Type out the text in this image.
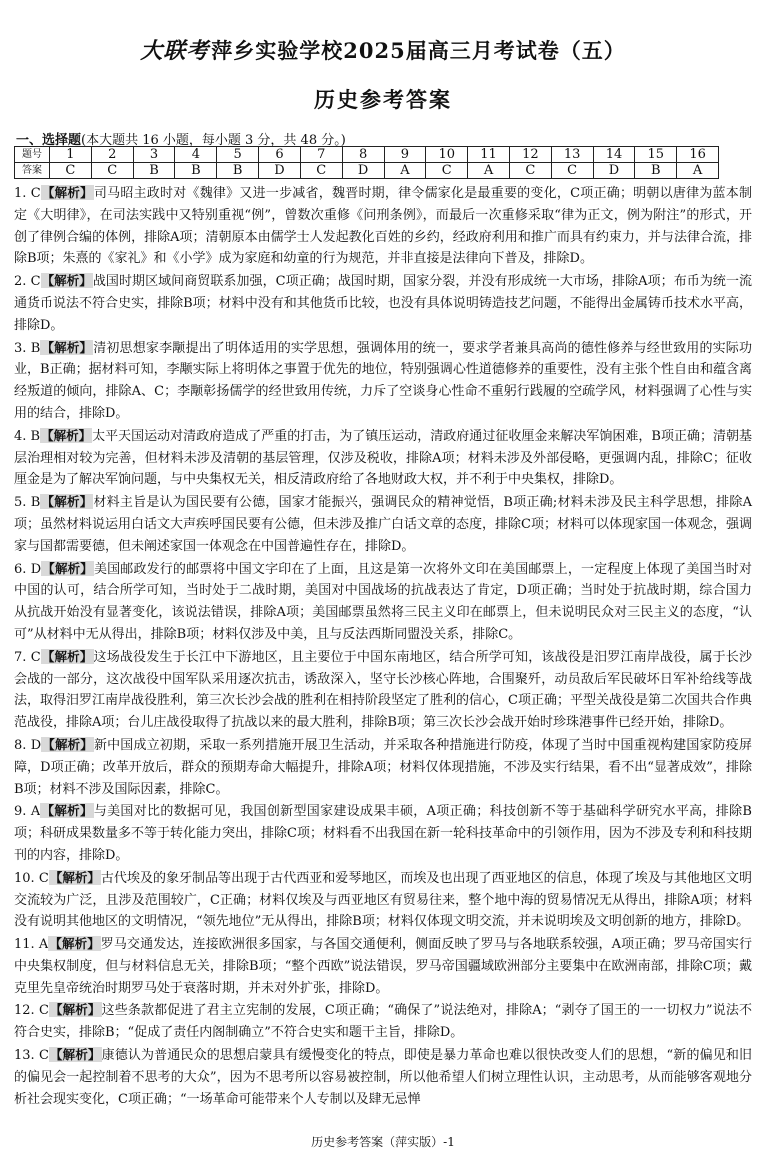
大联考萍乡实验学校2025届高三月考试卷（五）
历史参考答案
一、选择题(本大题共 16 小题，每小题 3 分，共 48 分。)
题号	1	2	3	4	5	6	7	8	9	10	11	12	13	14	15	16
答案	C	C	B	B	B	D	C	D	A	C	A	C	C	D	B	A

1. C【解析】司马昭主政时对《魏律》又进一步减省，魏晋时期，律令儒家化是最重要的变化，C项正确；明朝以唐律为蓝本制定《大明律》，在司法实践中又特别重视“例”，曾数次重修《问刑条例》，而最后一次重修采取“律为正文，例为附注”的形式，开创了律例合编的体例，排除A项；清朝原本由儒学士人发起教化百姓的乡约，经政府利用和推广而具有约束力，并与法律合流，排除B项；朱熹的《家礼》和《小学》成为家庭和幼童的行为规范，并非直接是法律向下普及，排除D。

2. C【解析】战国时期区域间商贸联系加强，C项正确；战国时期，国家分裂，并没有形成统一大市场，排除A项；布币为统一流通货币说法不符合史实，排除B项；材料中没有和其他货币比较，也没有具体说明铸造技艺问题，不能得出金属铸币技术水平高，排除D。

3. B【解析】清初思想家李颙提出了明体适用的实学思想，强调体用的统一，要求学者兼具高尚的德性修养与经世致用的实际功业，B正确；据材料可知，李颙实际上将明体之事置于优先的地位，特别强调心性道德修养的重要性，没有主张个性自由和蕴含离经叛道的倾向，排除A、C；李颙彰扬儒学的经世致用传统，力斥了空谈身心性命不重躬行践履的空疏学风，材料强调了心性与实用的结合，排除D。

4. B【解析】太平天国运动对清政府造成了严重的打击，为了镇压运动，清政府通过征收厘金来解决军饷困难，B项正确；清朝基层治理相对较为完善，但材料未涉及清朝的基层管理，仅涉及税收，排除A项；材料未涉及外部侵略，更强调内乱，排除C；征收厘金是为了解决军饷问题，与中央集权无关，相反清政府给了各地财政大权，并不利于中央集权，排除D。

5. B【解析】材料主旨是认为国民要有公德，国家才能振兴，强调民众的精神觉悟，B项正确;材料未涉及民主科学思想，排除A项；虽然材料说运用白话文大声疾呼国民要有公德，但未涉及推广白话文章的态度，排除C项；材料可以体现家国一体观念，强调家与国都需要德，但未阐述家国一体观念在中国普遍性存在，排除D。

6. D【解析】美国邮政发行的邮票将中国文字印在了上面，且这是第一次将外文印在美国邮票上，一定程度上体现了美国当时对中国的认可，结合所学可知，当时处于二战时期，美国对中国战场的抗战表达了肯定，D项正确；当时处于抗战时期，综合国力从抗战开始没有显著变化，该说法错误，排除A项；美国邮票虽然将三民主义印在邮票上，但未说明民众对三民主义的态度，“认可”从材料中无从得出，排除B项；材料仅涉及中美，且与反法西斯同盟没关系，排除C。

7. C【解析】这场战役发生于长江中下游地区，且主要位于中国东南地区，结合所学可知，该战役是汨罗江南岸战役，属于长沙会战的一部分，这次战役中国军队采用逐次抗击，诱敌深入，坚守长沙核心阵地，合围聚歼，动员敌后军民破坏日军补给线等战法，取得汨罗江南岸战役胜利，第三次长沙会战的胜利在相持阶段坚定了胜利的信心，C项正确；平型关战役是第二次国共合作典范战役，排除A项；台儿庄战役取得了抗战以来的最大胜利，排除B项；第三次长沙会战开始时珍珠港事件已经开始，排除D。

8. D【解析】新中国成立初期，采取一系列措施开展卫生活动，并采取各种措施进行防疫，体现了当时中国重视构建国家防疫屏障，D项正确；改革开放后，群众的预期寿命大幅提升，排除A项；材料仅体现措施，不涉及实行结果，看不出“显著成效”，排除B项；材料不涉及国际因素，排除C。

9. A【解析】与美国对比的数据可见，我国创新型国家建设成果丰硕，A项正确；科技创新不等于基础科学研究水平高，排除B项；科研成果数量多不等于转化能力突出，排除C项；材料看不出我国在新一轮科技革命中的引领作用，因为不涉及专利和科技期刊的内容，排除D。

10. C【解析】古代埃及的象牙制品等出现于古代西亚和爱琴地区，而埃及也出现了西亚地区的信息，体现了埃及与其他地区文明交流较为广泛，且涉及范围较广，C正确；材料仅埃及与西亚地区有贸易往来，整个地中海的贸易情况无从得出，排除A项；材料没有说明其他地区的文明情况，“领先地位”无从得出，排除B项；材料仅体现文明交流，并未说明埃及文明创新的地方，排除D。

11. A【解析】罗马交通发达，连接欧洲很多国家，与各国交通便利，侧面反映了罗马与各地联系较强，A项正确；罗马帝国实行中央集权制度，但与材料信息无关，排除B项；“整个西欧”说法错误，罗马帝国疆域欧洲部分主要集中在欧洲南部，排除C项；戴克里先皇帝统治时期罗马处于衰落时期，并未对外扩张，排除D。

12. C【解析】这些条款都促进了君主立宪制的发展，C项正确；“确保了”说法绝对，排除A；“剥夺了国王的一一切权力”说法不符合史实，排除B；“促成了责任内阁制确立”不符合史实和题干主旨，排除D。

13. C【解析】康德认为普通民众的思想启蒙具有缓慢变化的特点，即使是暴力革命也难以很快改变人们的思想，“新的偏见和旧的偏见会一起控制着不思考的大众”，因为不思考所以容易被控制，所以他希望人们树立理性认识，主动思考，从而能够客观地分析社会现实变化，C项正确；“一场革命可能带来个人专制以及肆无忌惮

历史参考答案（萍实版）-1
